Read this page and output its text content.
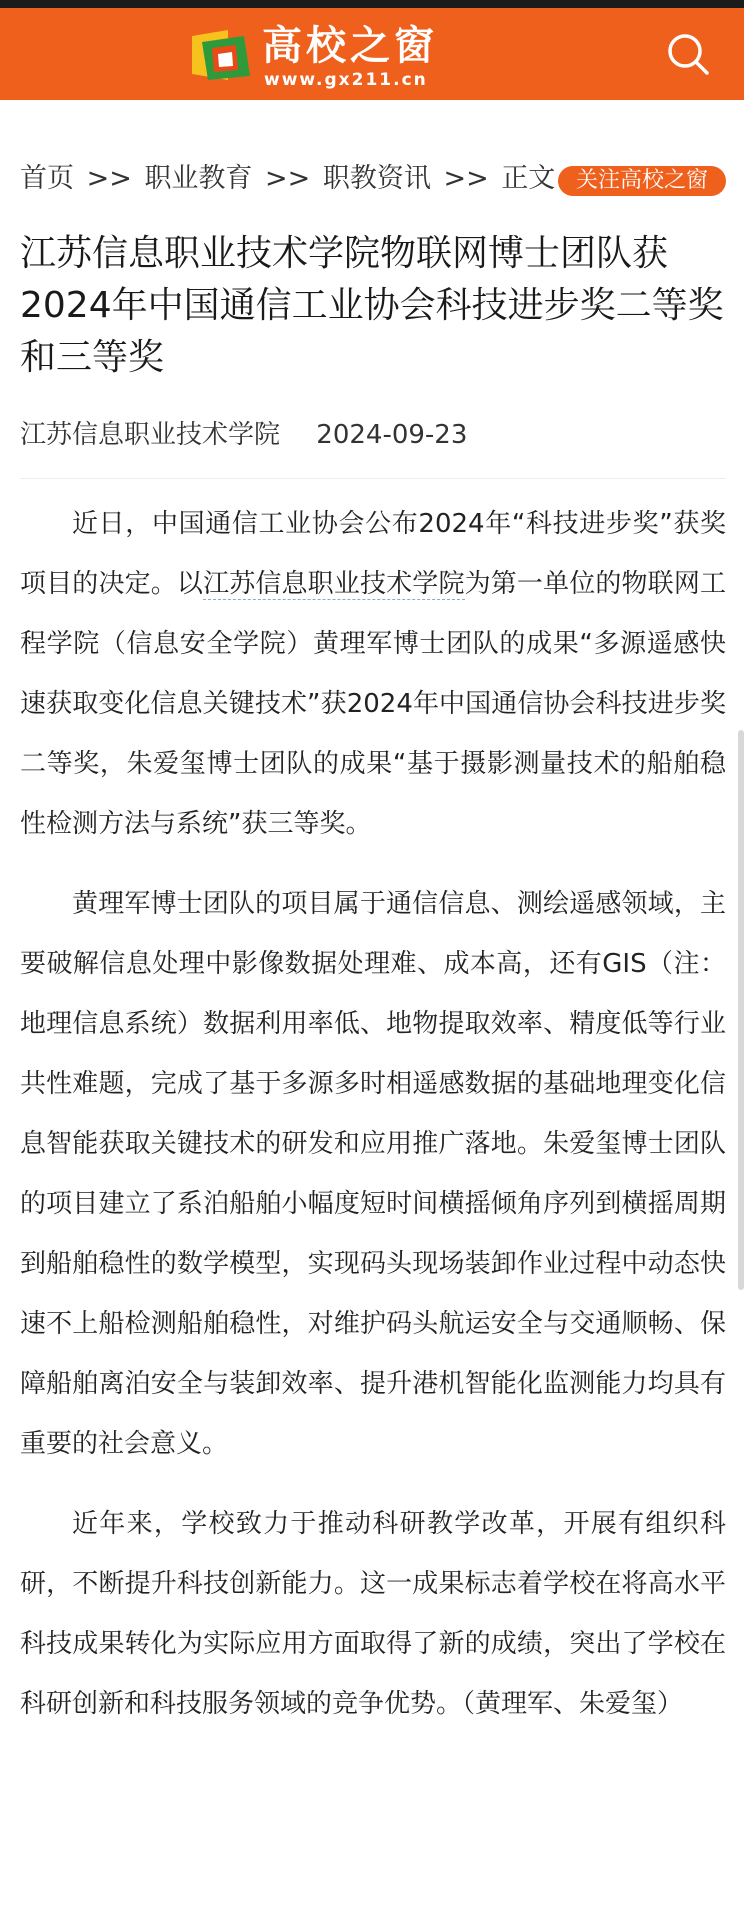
高校之窗
www.gx211.cn
首页 >> 职业教育 >> 职教资讯 >> 正文 关注高校之窗
江苏信息职业技术学院物联网博士团队获2024年中国通信工业协会科技进步奖二等奖和三等奖
江苏信息职业技术学院 2024-09-23

近日，中国通信工业协会公布2024年“科技进步奖”获奖项目的决定。以江苏信息职业技术学院为第一单位的物联网工程学院（信息安全学院）黄理军博士团队的成果“多源遥感快速获取变化信息关键技术”获2024年中国通信协会科技进步奖二等奖，朱爱玺博士团队的成果“基于摄影测量技术的船舶稳性检测方法与系统”获三等奖。

黄理军博士团队的项目属于通信信息、测绘遥感领域，主要破解信息处理中影像数据处理难、成本高，还有GIS（注：地理信息系统）数据利用率低、地物提取效率、精度低等行业共性难题，完成了基于多源多时相遥感数据的基础地理变化信息智能获取关键技术的研发和应用推广落地。朱爱玺博士团队的项目建立了系泊船舶小幅度短时间横摇倾角序列到横摇周期到船舶稳性的数学模型，实现码头现场装卸作业过程中动态快速不上船检测船舶稳性，对维护码头航运安全与交通顺畅、保障船舶离泊安全与装卸效率、提升港机智能化监测能力均具有重要的社会意义。

近年来，学校致力于推动科研教学改革，开展有组织科研，不断提升科技创新能力。这一成果标志着学校在将高水平科技成果转化为实际应用方面取得了新的成绩，突出了学校在科研创新和科技服务领域的竞争优势。（黄理军、朱爱玺）
